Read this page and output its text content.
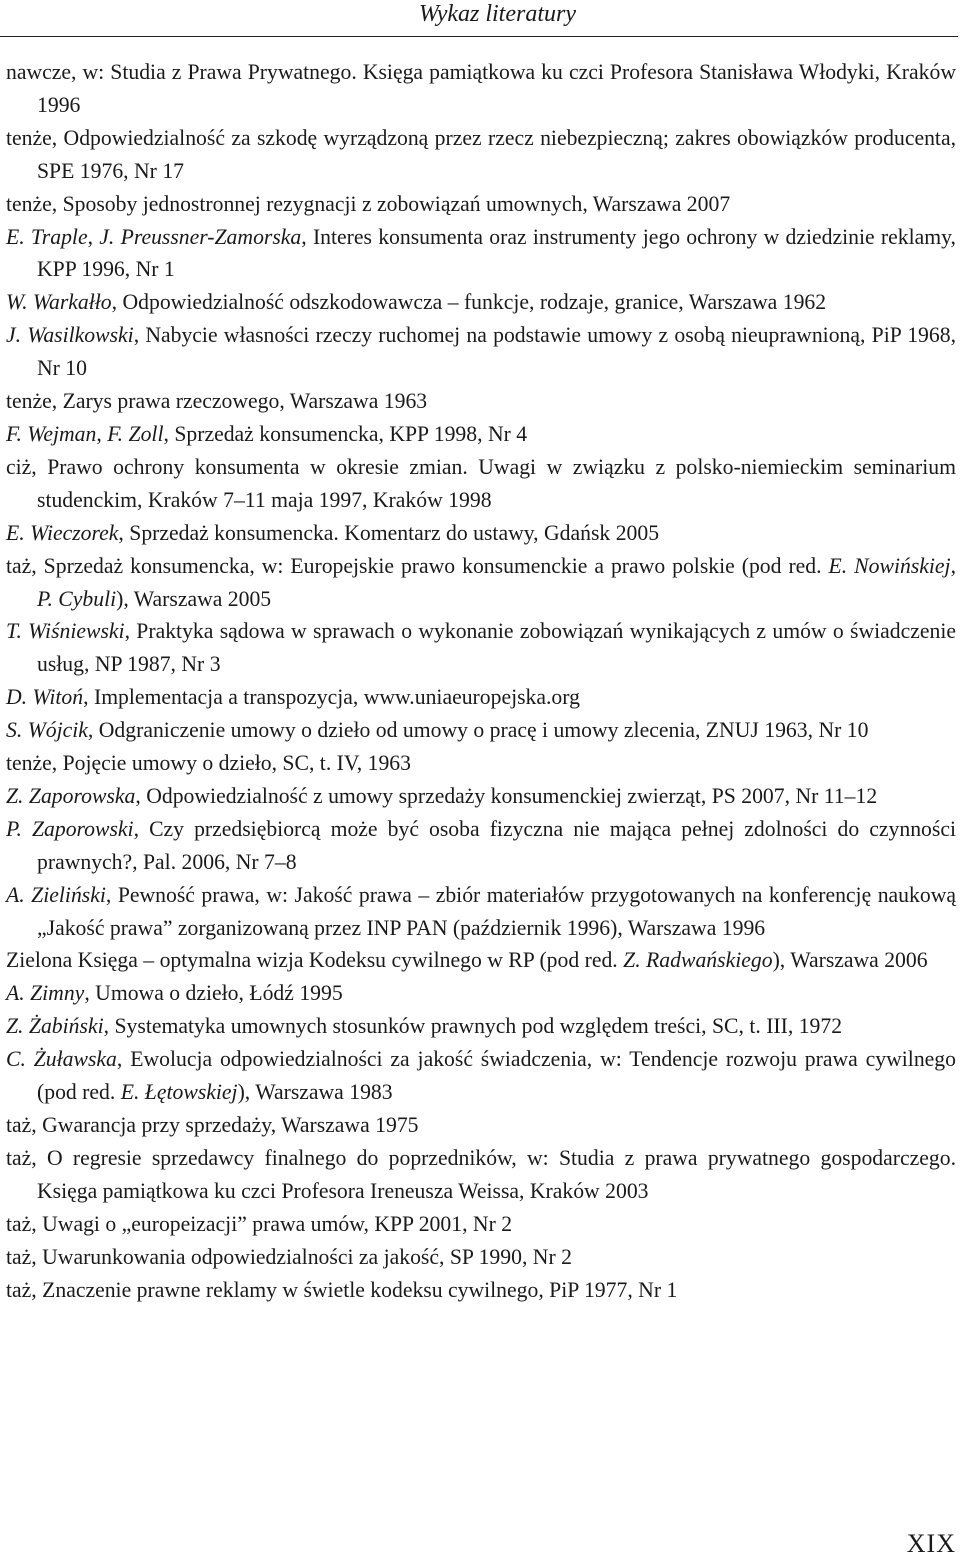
Wykaz literatury
nawcze, w: Studia z Prawa Prywatnego. Księga pamiątkowa ku czci Profesora Stanisława Włodyki, Kraków 1996
tenże, Odpowiedzialność za szkodę wyrządzoną przez rzecz niebezpieczną; zakres obowiązków producenta, SPE 1976, Nr 17
tenże, Sposoby jednostronnej rezygnacji z zobowiązań umownych, Warszawa 2007
E. Traple, J. Preussner-Zamorska, Interes konsumenta oraz instrumenty jego ochrony w dziedzinie reklamy, KPP 1996, Nr 1
W. Warkałło, Odpowiedzialność odszkodowawcza – funkcje, rodzaje, granice, Warszawa 1962
J. Wasilkowski, Nabycie własności rzeczy ruchomej na podstawie umowy z osobą nieuprawnioną, PiP 1968, Nr 10
tenże, Zarys prawa rzeczowego, Warszawa 1963
F. Wejman, F. Zoll, Sprzedaż konsumencka, KPP 1998, Nr 4
ciż, Prawo ochrony konsumenta w okresie zmian. Uwagi w związku z polsko-niemieckim seminarium studenckim, Kraków 7–11 maja 1997, Kraków 1998
E. Wieczorek, Sprzedaż konsumencka. Komentarz do ustawy, Gdańsk 2005
taż, Sprzedaż konsumencka, w: Europejskie prawo konsumenckie a prawo polskie (pod red. E. Nowińskiej, P. Cybuli), Warszawa 2005
T. Wiśniewski, Praktyka sądowa w sprawach o wykonanie zobowiązań wynikających z umów o świadczenie usług, NP 1987, Nr 3
D. Witoń, Implementacja a transpozycja, www.uniaeuropejska.org
S. Wójcik, Odgraniczenie umowy o dzieło od umowy o pracę i umowy zlecenia, ZNUJ 1963, Nr 10
tenże, Pojęcie umowy o dzieło, SC, t. IV, 1963
Z. Zaporowska, Odpowiedzialność z umowy sprzedaży konsumenckiej zwierząt, PS 2007, Nr 11–12
P. Zaporowski, Czy przedsiębiorcą może być osoba fizyczna nie mająca pełnej zdolności do czynności prawnych?, Pal. 2006, Nr 7–8
A. Zieliński, Pewność prawa, w: Jakość prawa – zbiór materiałów przygotowanych na konferencję naukową „Jakość prawa” zorganizowaną przez INP PAN (październik 1996), Warszawa 1996
Zielona Księga – optymalna wizja Kodeksu cywilnego w RP (pod red. Z. Radwańskiego), Warszawa 2006
A. Zimny, Umowa o dzieło, Łódź 1995
Z. Żabiński, Systematyka umownych stosunków prawnych pod względem treści, SC, t. III, 1972
C. Żuławska, Ewolucja odpowiedzialności za jakość świadczenia, w: Tendencje rozwoju prawa cywilnego (pod red. E. Łętowskiej), Warszawa 1983
taż, Gwarancja przy sprzedaży, Warszawa 1975
taż, O regresie sprzedawcy finalnego do poprzedników, w: Studia z prawa prywatnego gospodarczego. Księga pamiątkowa ku czci Profesora Ireneusza Weissa, Kraków 2003
taż, Uwagi o „europeizacji” prawa umów, KPP 2001, Nr 2
taż, Uwarunkowania odpowiedzialności za jakość, SP 1990, Nr 2
taż, Znaczenie prawne reklamy w świetle kodeksu cywilnego, PiP 1977, Nr 1
XIX
